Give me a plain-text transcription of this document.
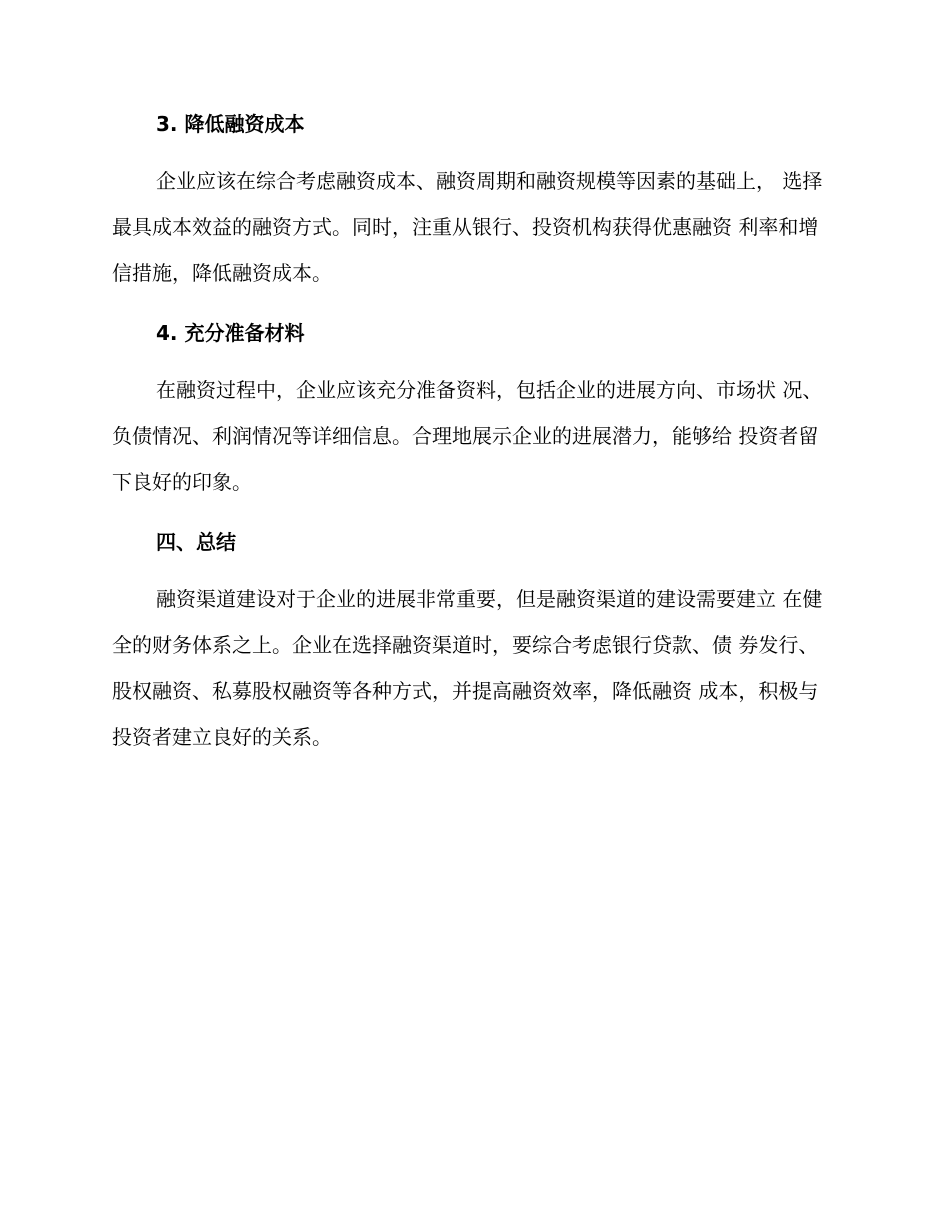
3. 降低融资成本
企业应该在综合考虑融资成本、融资周期和融资规模等因素的基础上， 选择最具成本效益的融资方式。同时，注重从银行、投资机构获得优惠融资 利率和增信措施，降低融资成本。
4. 充分准备材料
在融资过程中，企业应该充分准备资料，包括企业的进展方向、市场状 况、负债情况、利润情况等详细信息。合理地展示企业的进展潜力，能够给 投资者留下良好的印象。
四、总结
融资渠道建设对于企业的进展非常重要，但是融资渠道的建设需要建立 在健全的财务体系之上。企业在选择融资渠道时，要综合考虑银行贷款、债 券发行、股权融资、私募股权融资等各种方式，并提高融资效率，降低融资 成本，积极与投资者建立良好的关系。
